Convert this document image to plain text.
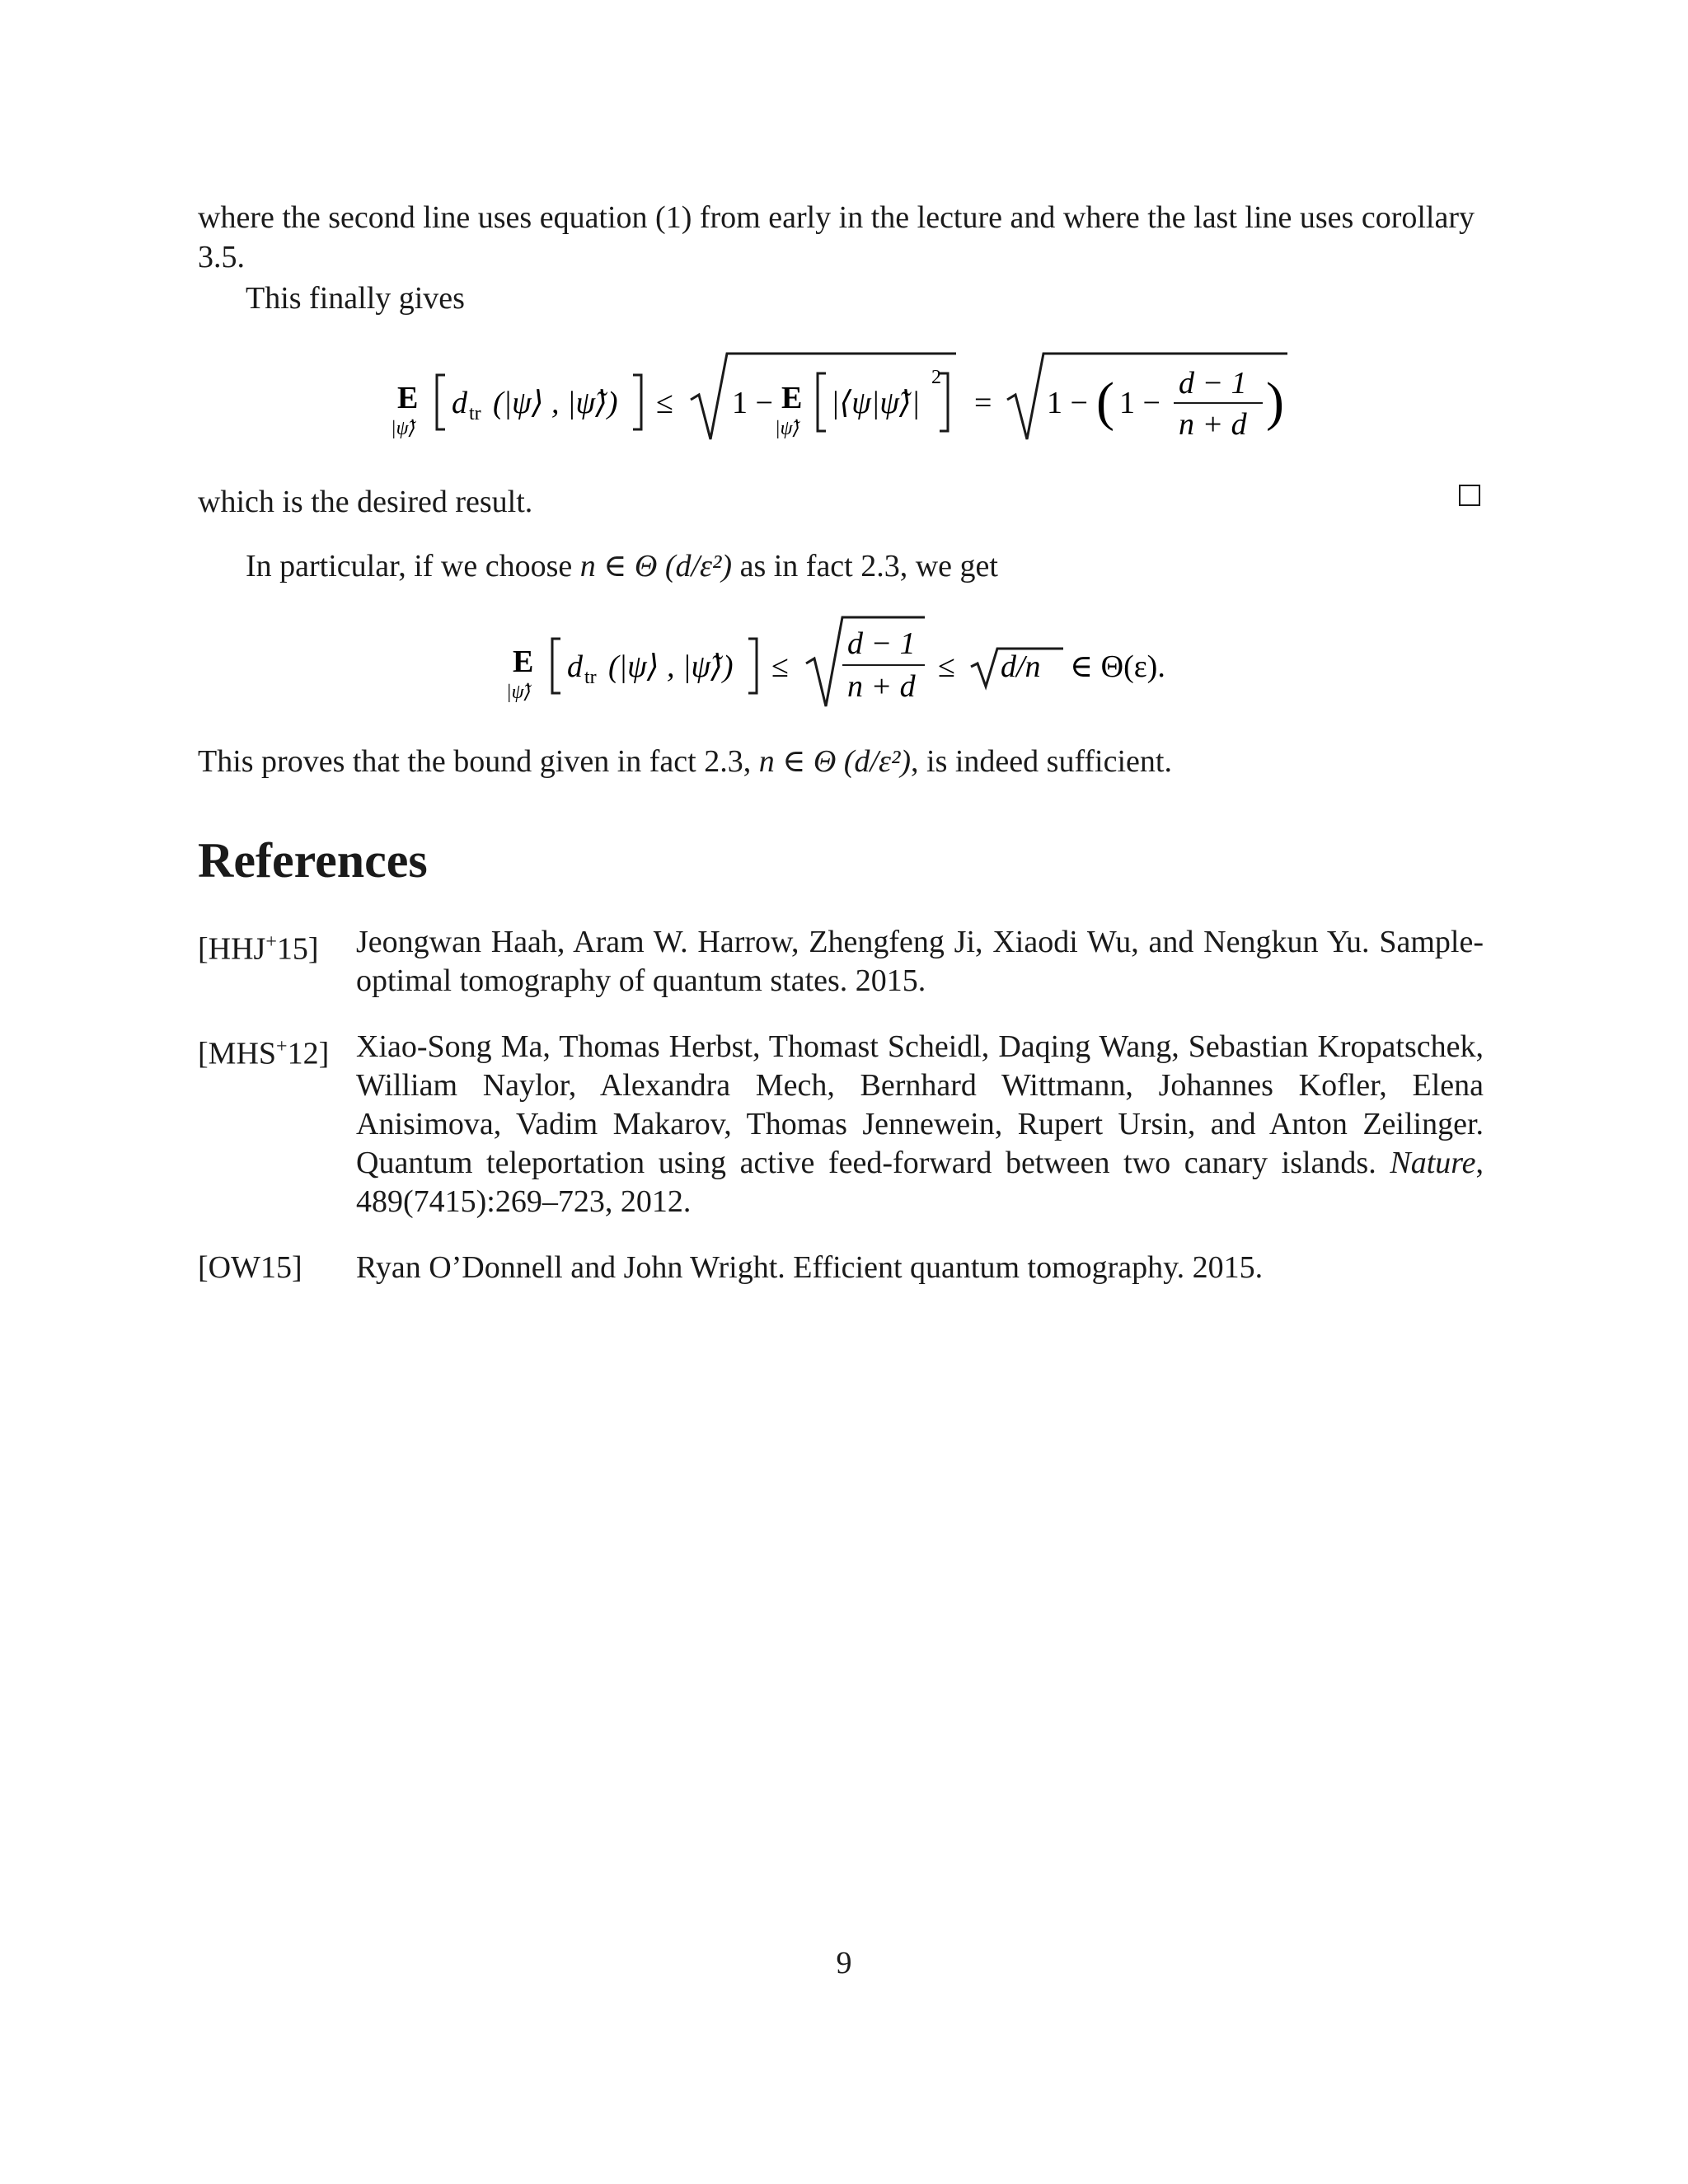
where the second line uses equation (1) from early in the lecture and where the last line uses corollary 3.5.
This finally gives
E
|ψ̃⟩
d tr (|ψ⟩ , |ψ̃⟩) ≤ 1 − E
|ψ̃⟩
|⟨ψ|ψ̃⟩|
2
= 1 − ( 1 −
d − 1
n + d )
which is the desired result.
In particular, if we choose n ∈ Θ (d/ε²) as in fact 2.3, we get
E
|ψ̃⟩
d tr (|ψ⟩ , |ψ̃⟩) ≤
d − 1
n + d
≤ d/n ∈ Θ(ε).
This proves that the bound given in fact 2.3, n ∈ Θ (d/ε²), is indeed sufficient.
References
[HHJ+15] Jeongwan Haah, Aram W. Harrow, Zhengfeng Ji, Xiaodi Wu, and Nengkun Yu. Sample-optimal tomography of quantum states. 2015.
[MHS+12] Xiao-Song Ma, Thomas Herbst, Thomast Scheidl, Daqing Wang, Sebastian Kropatschek, William Naylor, Alexandra Mech, Bernhard Wittmann, Johannes Kofler, Elena Anisimova, Vadim Makarov, Thomas Jennewein, Rupert Ursin, and Anton Zeilinger. Quantum teleportation using active feed-forward between two canary islands. Nature, 489(7415):269–723, 2012.
[OW15] Ryan O’Donnell and John Wright. Efficient quantum tomography. 2015.
9
